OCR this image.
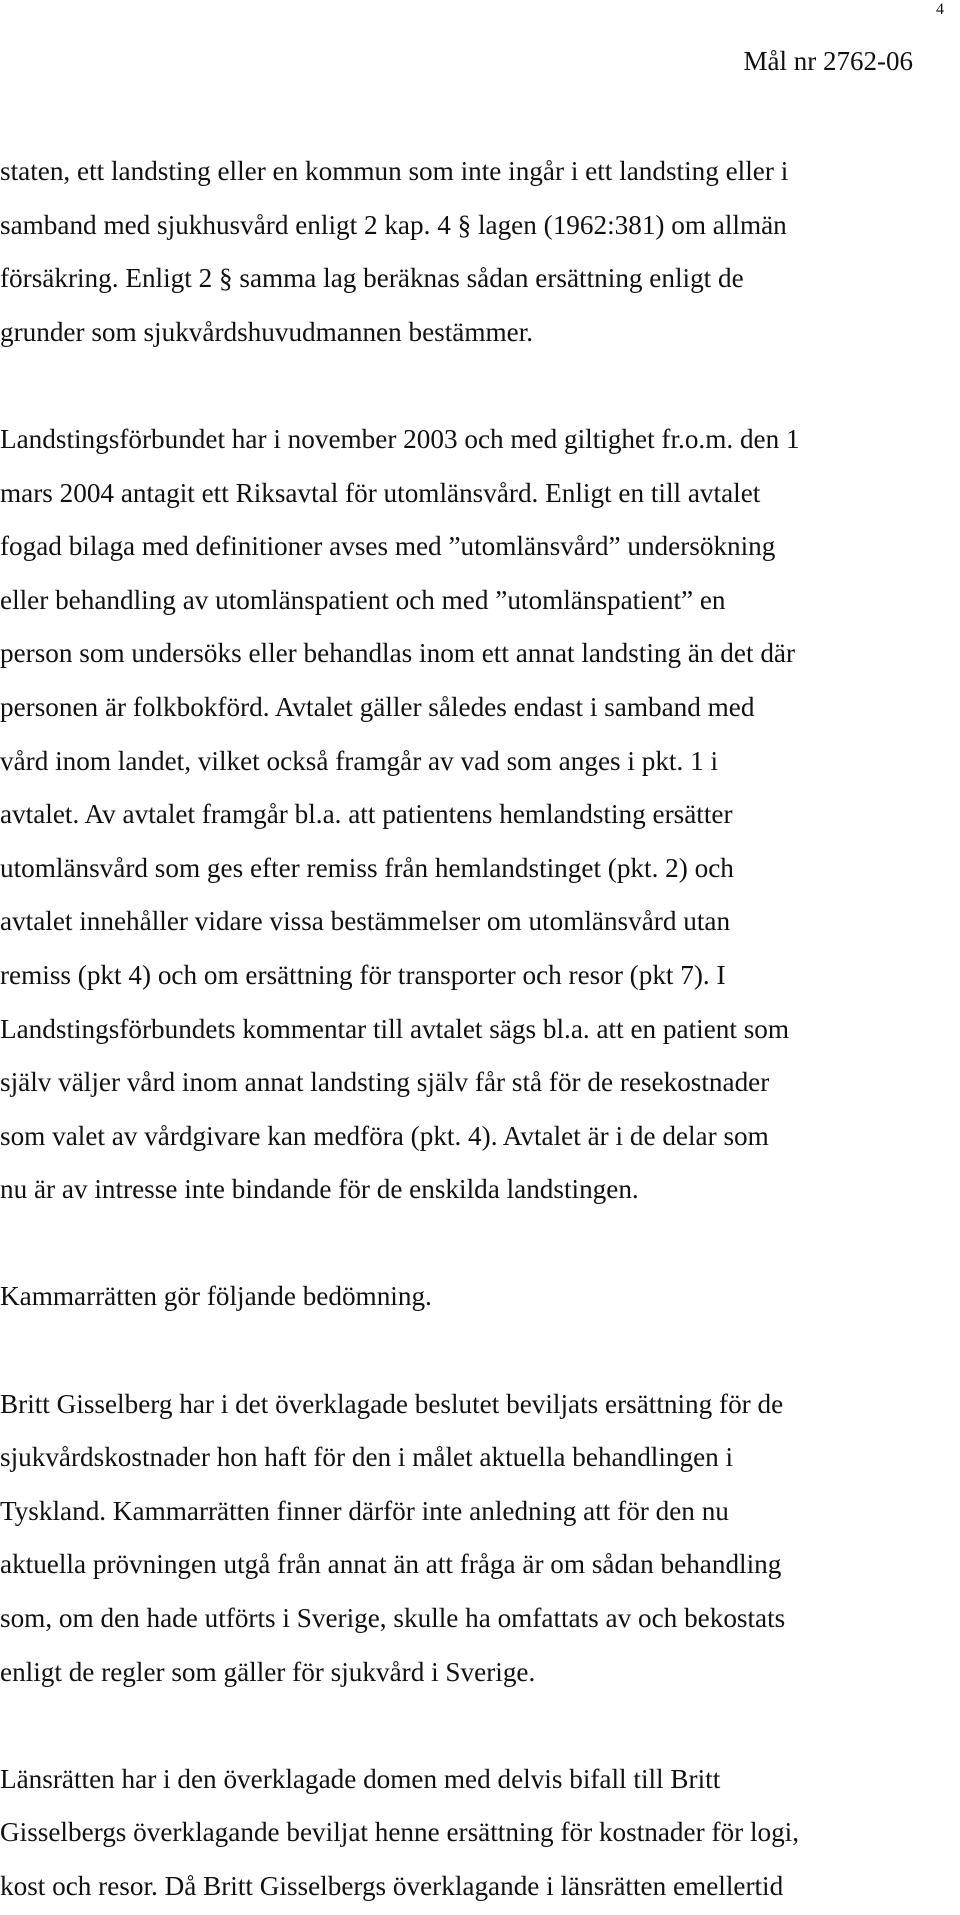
4
Mål nr 2762-06
staten, ett landsting eller en kommun som inte ingår i ett landsting eller i
samband med sjukhusvård enligt 2 kap. 4 § lagen (1962:381) om allmän
försäkring. Enligt 2 § samma lag beräknas sådan ersättning enligt de
grunder som sjukvårdshuvudmannen bestämmer.
Landstingsförbundet har i november 2003 och med giltighet fr.o.m. den 1
mars 2004 antagit ett Riksavtal för utomlänsvård. Enligt en till avtalet
fogad bilaga med definitioner avses med ”utomlänsvård” undersökning
eller behandling av utomlänspatient och med ”utomlänspatient” en
person som undersöks eller behandlas inom ett annat landsting än det där
personen är folkbokförd. Avtalet gäller således endast i samband med
vård inom landet, vilket också framgår av vad som anges i pkt. 1 i
avtalet. Av avtalet framgår bl.a. att patientens hemlandsting ersätter
utomlänsvård som ges efter remiss från hemlandstinget (pkt. 2) och
avtalet innehåller vidare vissa bestämmelser om utomlänsvård utan
remiss (pkt 4) och om ersättning för transporter och resor (pkt 7). I
Landstingsförbundets kommentar till avtalet sägs bl.a. att en patient som
själv väljer vård inom annat landsting själv får stå för de resekostnader
som valet av vårdgivare kan medföra (pkt. 4). Avtalet är i de delar som
nu är av intresse inte bindande för de enskilda landstingen.
Kammarrätten gör följande bedömning.
Britt Gisselberg har i det överklagade beslutet beviljats ersättning för de
sjukvårdskostnader hon haft för den i målet aktuella behandlingen i
Tyskland. Kammarrätten finner därför inte anledning att för den nu
aktuella prövningen utgå från annat än att fråga är om sådan behandling
som, om den hade utförts i Sverige, skulle ha omfattats av och bekostats
enligt de regler som gäller för sjukvård i Sverige.
Länsrätten har i den överklagade domen med delvis bifall till Britt
Gisselbergs överklagande beviljat henne ersättning för kostnader för logi,
kost och resor. Då Britt Gisselbergs överklagande i länsrätten emellertid
